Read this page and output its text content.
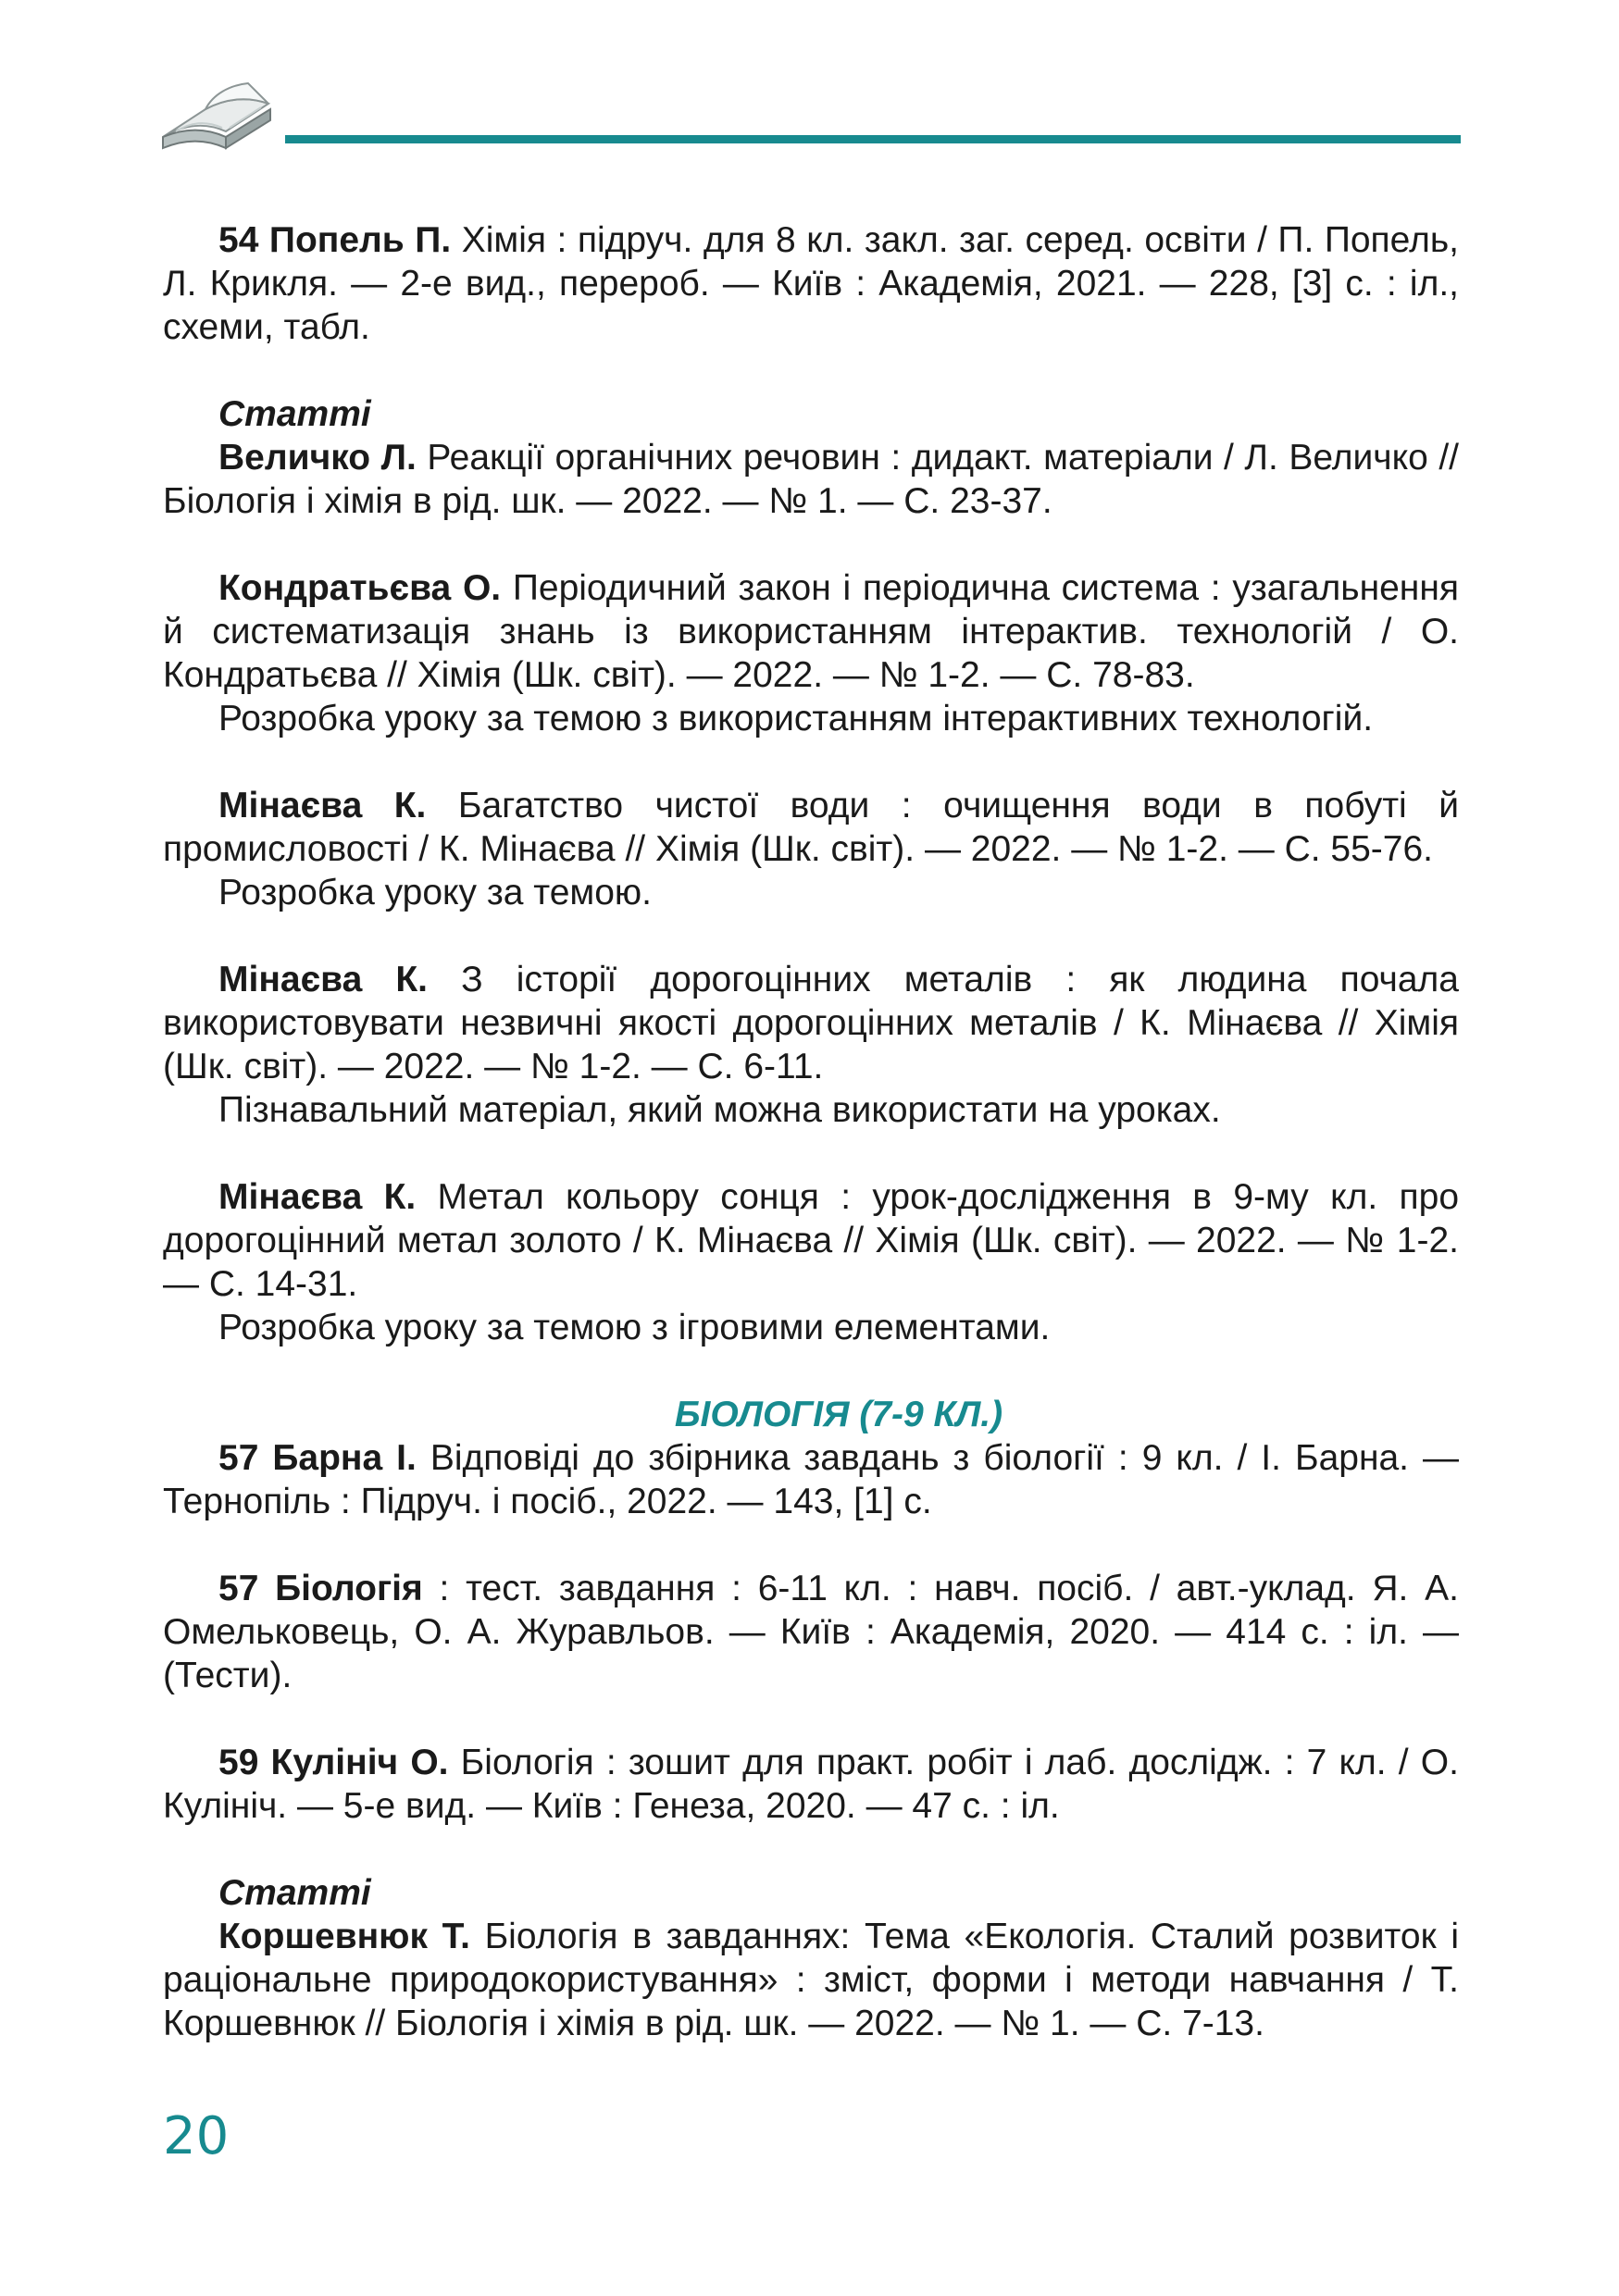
54 Попель П. Хімія : підруч. для 8 кл. закл. заг. серед. освіти / П. Попель, Л. Крикля. — 2-е вид., перероб. — Київ : Академія, 2021. — 228, [3] с. : іл., схеми, табл.

Статті

Величко Л. Реакції органічних речовин : дидакт. матеріали / Л. Величко // Біологія і хімія в рід. шк. — 2022. — № 1. — С. 23-37.

Кондратьєва О. Періодичний закон і періодична система : узагальнення й систематизація знань із використанням інтерактив. технологій / О. Кондратьєва // Хімія (Шк. світ). — 2022. — № 1-2. — С. 78-83.

Розробка уроку за темою з використанням інтерактивних технологій.

Мінаєва К. Багатство чистої води : очищення води в побуті й промисловості / К. Мінаєва // Хімія (Шк. світ). — 2022. — № 1-2. — С. 55-76.

Розробка уроку за темою.

Мінаєва К. З історії дорогоцінних металів : як людина почала використовувати незвичні якості дорогоцінних металів / К. Мінаєва // Хімія (Шк. світ). — 2022. — № 1-2. — С. 6-11.

Пізнавальний матеріал, який можна використати на уроках.

Мінаєва К. Метал кольору сонця : урок-дослідження в 9-му кл. про дорогоцінний метал золото / К. Мінаєва // Хімія (Шк. світ). — 2022. — № 1-2. — С. 14-31.

Розробка уроку за темою з ігровими елементами.

БІОЛОГІЯ (7-9 КЛ.)

57 Барна І. Відповіді до збірника завдань з біології : 9 кл. / І. Барна. — Тернопіль : Підруч. і посіб., 2022. — 143, [1] с.

57 Біологія : тест. завдання : 6-11 кл. : навч. посіб. / авт.-уклад. Я. А. Омельковець, О. А. Журавльов. — Київ : Академія, 2020. — 414 с. : іл. — (Тести).

59 Кулініч О. Біологія : зошит для практ. робіт і лаб. дослідж. : 7 кл. / О. Кулініч. — 5-е вид. — Київ : Генеза, 2020. — 47 с. : іл.

Статті

Коршевнюк Т. Біологія в завданнях: Тема «Екологія. Сталий розвиток і раціональне природокористування» : зміст, форми і методи навчання / Т. Коршевнюк // Біологія і хімія в рід. шк. — 2022. — № 1. — С. 7-13.

20
